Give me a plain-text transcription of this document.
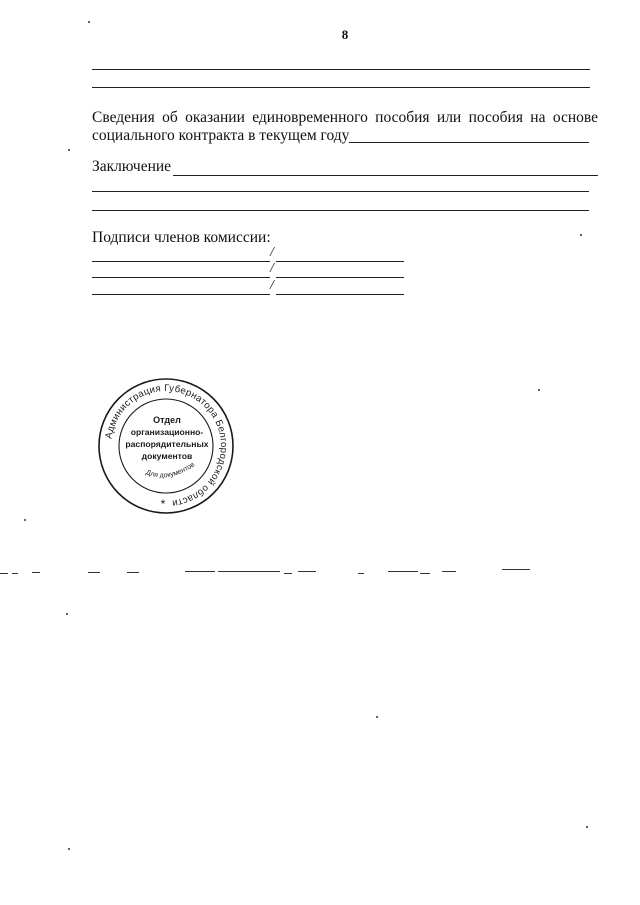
8
Сведения об оказании единовременного пособия или пособия на основе
социального контракта в текущем году
Заключение
Подписи членов комиссии:
/
/
/
Администрация Губернатора Белгородской области
Для документов
Отдел
организационно-
распорядительных
документов
*
